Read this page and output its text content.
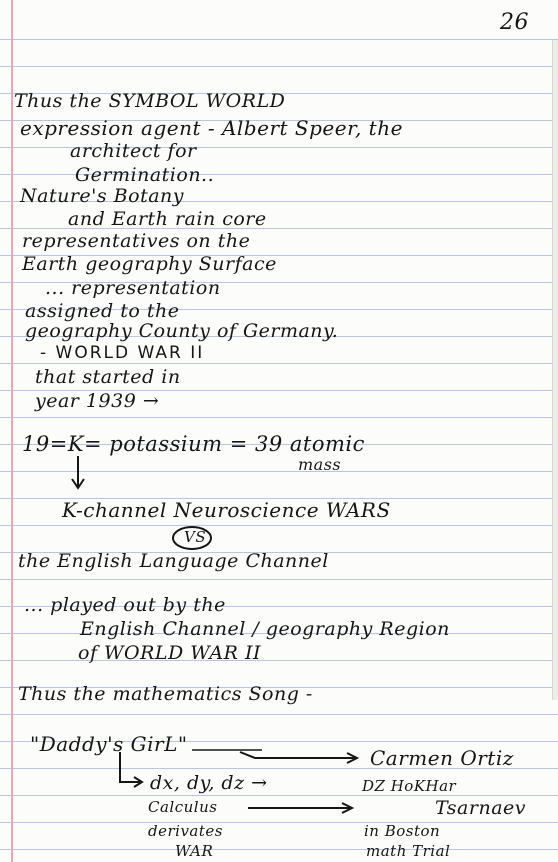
26
Thus the SYMBOL WORLD
expression agent - Albert Speer, the
architect for
Germination..
Nature's Botany
and Earth rain core
representatives on the
Earth geography Surface
... representation
assigned to the
geography County of Germany.
- WORLD WAR II
that started in
year 1939 →
19=K= potassium = 39 atomic
mass
K-channel Neuroscience WARS
VS
the English Language Channel
... played out by the
English Channel / geography Region
of WORLD WAR II
Thus the mathematics Song -
"Daddy's GirL"
Carmen Ortiz
dx, dy, dz →	DZ HoKHar
Calculus	Tsarnaev
derivates	in Boston
WAR	math Trial
